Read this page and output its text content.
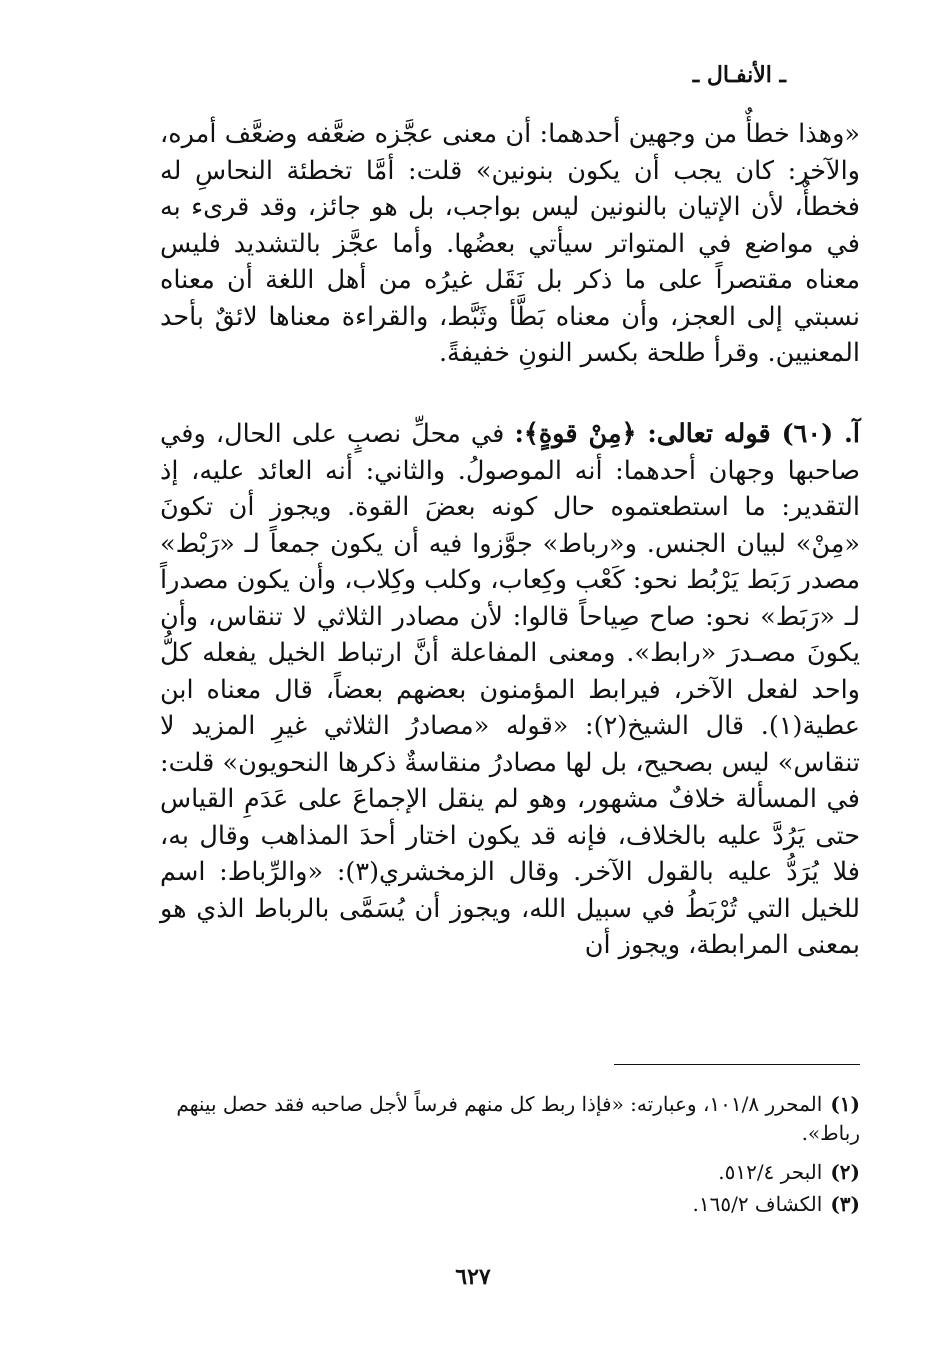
ـ الأنفـال ـ

«وهذا خطأٌ من وجهين أحدهما: أن معنى عجَّزه ضعَّفه وضعَّف أمره، والآخر: كان يجب أن يكون بنونين» قلت: أمَّا تخطئة النحاسِ له فخطأٌ، لأن الإتيان بالنونين ليس بواجب، بل هو جائز، وقد قرىء به في مواضع في المتواتر سيأتي بعضُها. وأما عجَّز بالتشديد فليس معناه مقتصراً على ما ذكر بل نَقَل غيرُه من أهل اللغة أن معناه نسبتي إلى العجز، وأن معناه بَطَّأ وثَبَّط، والقراءة معناها لائقٌ بأحد المعنيين. وقرأ طلحة بكسر النونِ خفيفةً.

آ. (٦٠) قوله تعالى: ﴿مِنْ قوةٍ﴾: في محلِّ نصبٍ على الحال، وفي صاحبها وجهان أحدهما: أنه الموصولُ. والثاني: أنه العائد عليه، إذ التقدير: ما استطعتموه حال كونه بعضَ القوة. ويجوز أن تكونَ «مِنْ» لبيان الجنس. و«رباط» جوَّزوا فيه أن يكون جمعاً لـ «رَبْط» مصدر رَبَط يَرْبُط نحو: كَعْب وكِعاب، وكلب وكِلاب، وأن يكون مصدراً لـ «رَبَط» نحو: صاح صِياحاً قالوا: لأن مصادر الثلاثي لا تنقاس، وأن يكونَ مصـدرَ «رابط». ومعنى المفاعلة أنَّ ارتباط الخيل يفعله كلُّ واحد لفعل الآخر، فيرابط المؤمنون بعضهم بعضاً، قال معناه ابن عطية(١). قال الشيخ(٢): «قوله «مصادرُ الثلاثي غيرِ المزيد لا تنقاس» ليس بصحيح، بل لها مصادرُ منقاسةٌ ذكرها النحويون» قلت: في المسألة خلافٌ مشهور، وهو لم ينقل الإجماعَ على عَدَمِ القياس حتى يَرُدَّ عليه بالخلاف، فإنه قد يكون اختار أحدَ المذاهب وقال به، فلا يُرَدُّ عليه بالقول الآخر. وقال الزمخشري(٣): «والرِّباط: اسم للخيل التي تُرْبَطُ في سبيل الله، ويجوز أن يُسَمَّى بالرباط الذي هو بمعنى المرابطة، ويجوز أن

(١)المحرر ١٠١/٨، وعبارته: «فإذا ربط كل منهم فرساً لأجل صاحبه فقد حصل بينهم رباط».
(٢)البحر ٥١٢/٤.
(٣)الكشاف ١٦٥/٢.
٦٢٧
